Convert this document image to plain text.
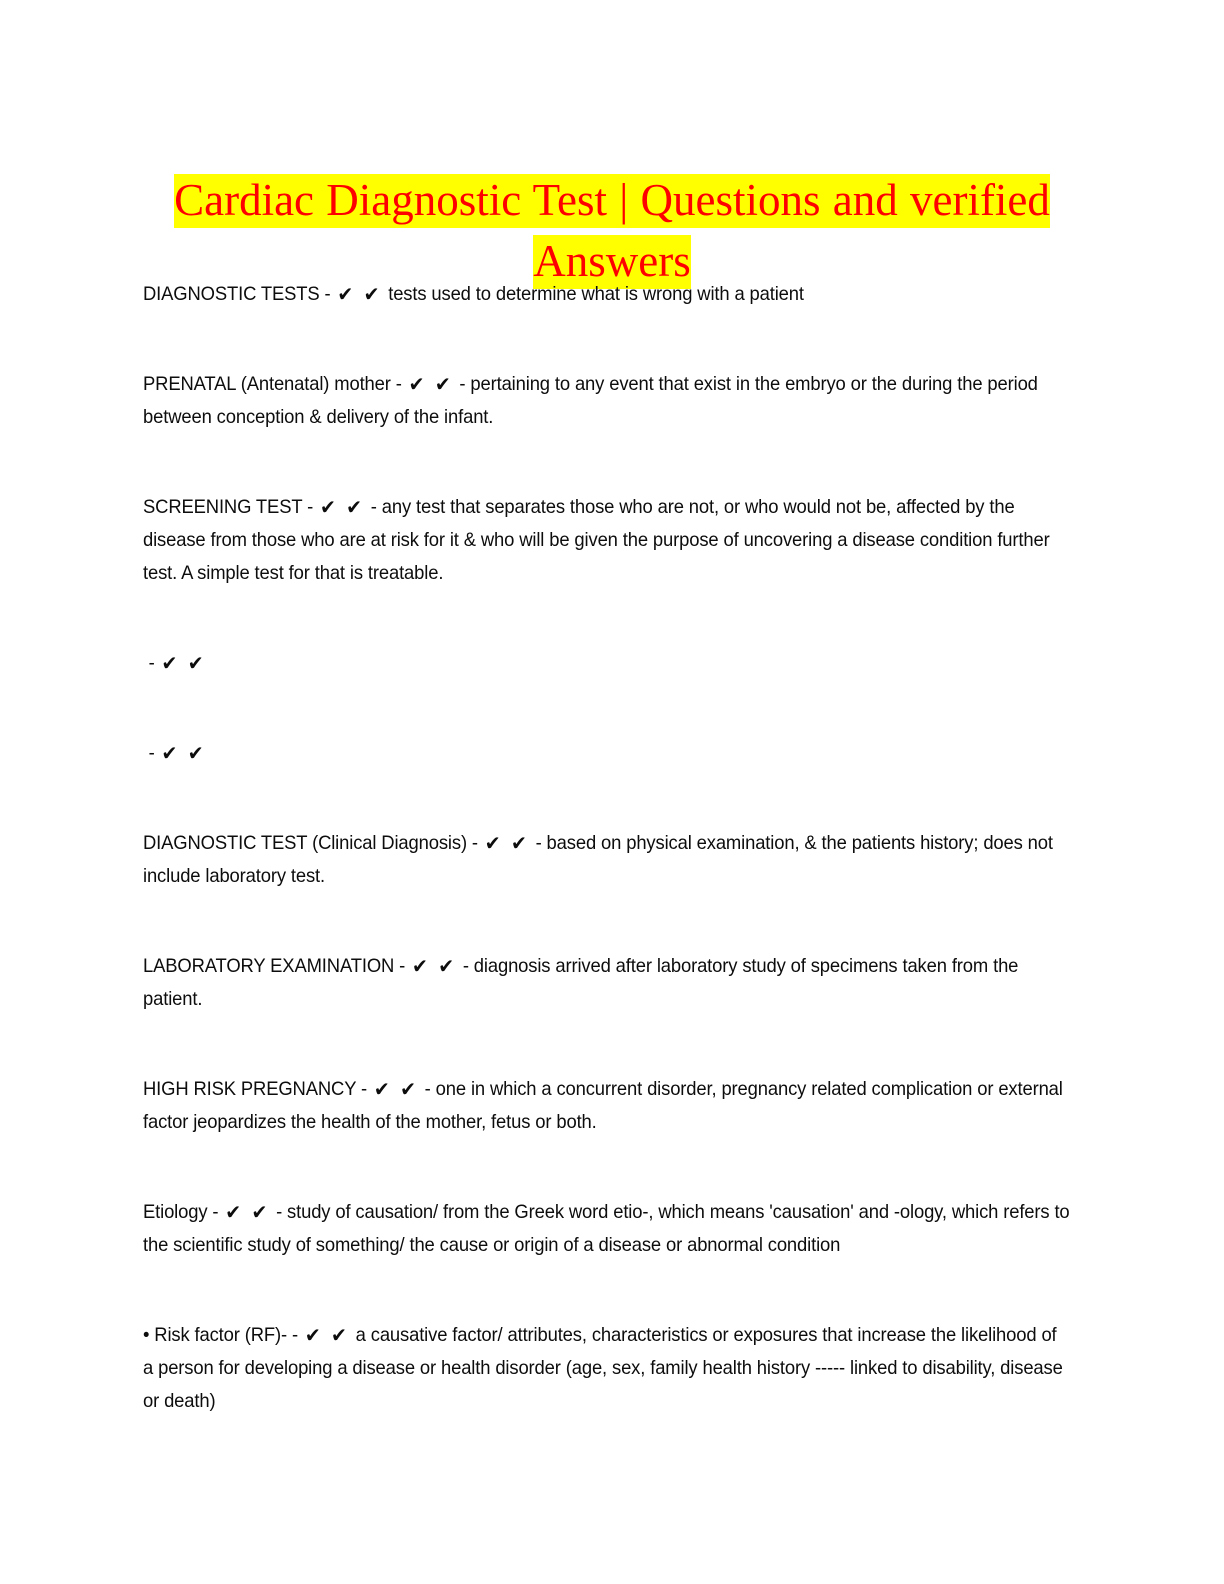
Cardiac Diagnostic Test | Questions and verified
Answers

DIAGNOSTIC TESTS - ✔ ✔ tests used to determine what is wrong with a patient

PRENATAL (Antenatal) mother - ✔ ✔ - pertaining to any event that exist in the embryo or the during the period between conception & delivery of the infant.

SCREENING TEST - ✔ ✔ - any test that separates those who are not, or who would not be, affected by the disease from those who are at risk for it & who will be given the purpose of uncovering a disease condition further test. A simple test for that is treatable.

- ✔ ✔

- ✔ ✔

DIAGNOSTIC TEST (Clinical Diagnosis) - ✔ ✔ - based on physical examination, & the patients history; does not include laboratory test.

LABORATORY EXAMINATION - ✔ ✔ - diagnosis arrived after laboratory study of specimens taken from the patient.

HIGH RISK PREGNANCY - ✔ ✔ - one in which a concurrent disorder, pregnancy related complication or external factor jeopardizes the health of the mother, fetus or both.

Etiology - ✔ ✔ - study of causation/ from the Greek word etio-, which means 'causation' and -ology, which refers to the scientific study of something/ the cause or origin of a disease or abnormal condition

• Risk factor (RF)- - ✔ ✔ a causative factor/ attributes, characteristics or exposures that increase the likelihood of a person for developing a disease or health disorder (age, sex, family health history ----- linked to disability, disease or death)
